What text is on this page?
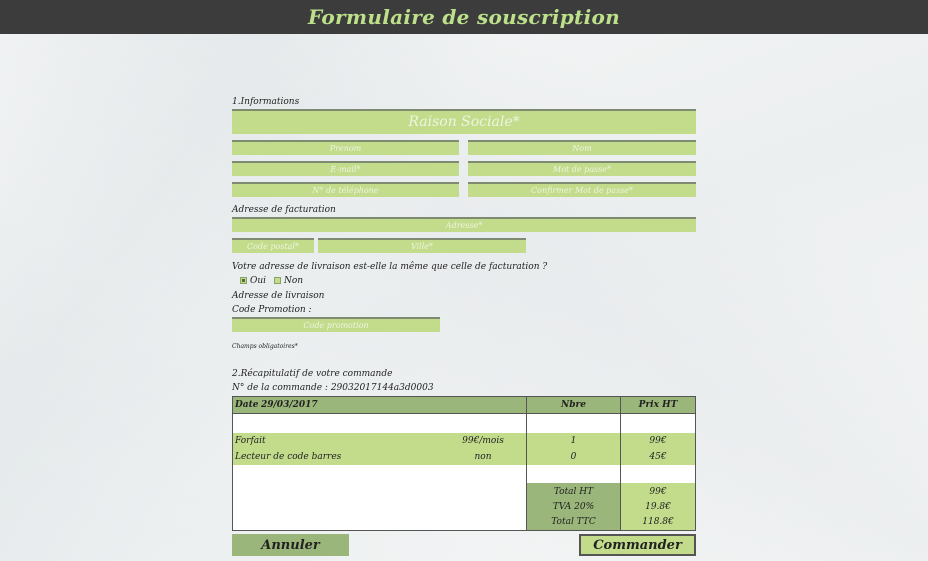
Formulaire de souscription
1.Informations
Raison Sociale*
Prenom	Nom
E-mail*	Mot de passe*
N° de téléphone	Confirmer Mot de passe*
Adresse de facturation
Adresse*
Code postal*	Ville*
Votre adresse de livraison est-elle la même que celle de facturation ?
Oui	Non
Adresse de livraison
Code Promotion :
Code promotion
Champs obligatoires*
2.Récapitulatif de votre commande
N° de la commande : 29032017144a3d0003
Date 29/03/2017	Nbre	Prix HT
Forfait	99€/mois	1	99€
Lecteur de code barres	non	0	45€
Total HT	99€
TVA 20%	19.8€
Total TTC	118.8€
Annuler	Commander
